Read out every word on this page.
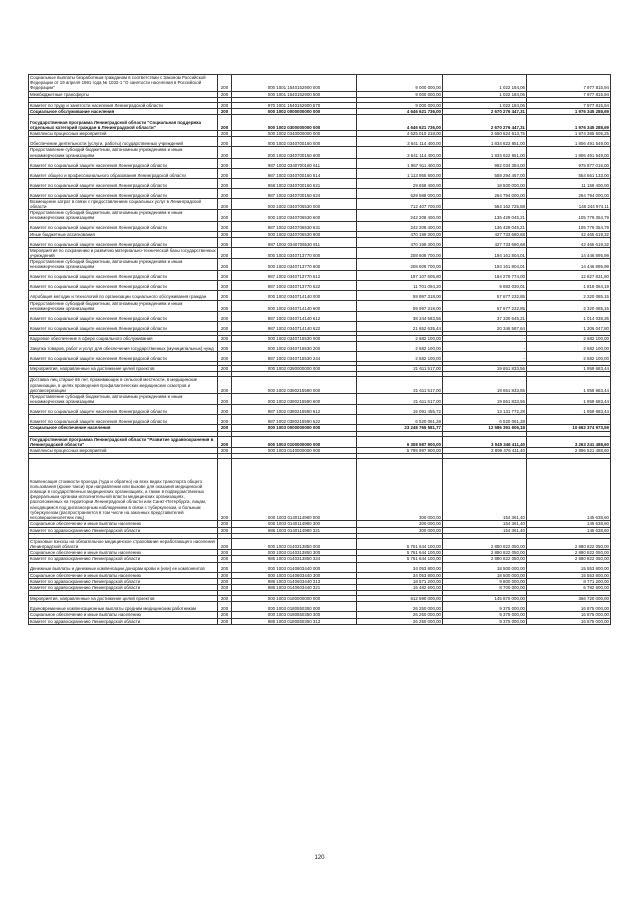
Социальные выплаты безработным гражданам в соответствии с Законом Российской Федерации от 19 апреля 1991 года № 1032-1 "О занятости населения в Российской Федерации"	200	000 1001 1540152900 000	9 000 000,00	1 022 184,06	7 977 815,94
Межбюджетные трансферты	200	000 1001 1540152900 500	9 000 000,00	1 022 184,06	7 977 815,94

Комитет по труду и занятости населения Ленинградской области	200	970 1001 1540152900 570	9 000 000,00	1 022 184,06	7 977 815,94
Социальное обслуживание населения	200	000 1002 0000000000 000	4 646 621 736,00	2 670 276 447,31	1 976 345 288,69
Государственная программа Ленинградской области "Социальная поддержка отдельных категорий граждан в Ленинградской области"	200	000 1002 0300000000 000	4 646 621 736,00	2 670 276 447,31	1 976 345 288,69
Комплексы процессных мероприятий	200	000 1002 0340000000 000	4 625 010 218,00	2 650 624 613,75	1 974 385 605,25
Обеспечение деятельности (услуги, работы) государственных учреждений	200	000 1002 0340700160 000	3 641 114 400,00	1 834 622 851,00	1 806 491 549,00
Предоставление субсидий бюджетным, автономным учреждениям и иным некоммерческим организациям	200	000 1002 0340700160 600	3 641 114 400,00	1 834 622 851,00	1 806 491 549,00
Комитет по социальной защите населения Ленинградской области	200	987 1002 0340700160 611	1 967 911 400,00	992 034 384,00	975 877 016,00
Комитет общего и профессионального образования Ленинградской области	200	987 1002 0340700160 614	1 113 955 600,00	559 294 467,00	554 661 133,00
Комитет по социальной защите населения Ленинградской области	200	968 1002 0340700160 621	29 658 400,00	18 500 000,00	11 159 400,00
Комитет по социальной защите населения Ленинградской области	200	987 1002 0340700160 624	529 588 000,00	264 794 000,00	264 794 000,00
Возмещение затрат в связи с предоставлением социальных услуг в Ленинградской области	200	000 1002 0340706530 000	712 407 700,00	564 162 725,88	148 244 974,11
Предоставление субсидий бюджетным, автономным учреждениям и иным некоммерческим организациям	200	000 1002 0340706530 600	242 208 400,00	136 429 045,21	105 779 354,79
Комитет по социальной защите населения Ленинградской области	200	987 1002 0340706530 631	242 208 400,00	136 429 045,21	105 779 354,79
Иные бюджетные ассигнования	200	000 1002 0340706530 800	470 199 300,00	427 733 680,68	42 465 619,32
Комитет по социальной защите населения Ленинградской области	200	987 1002 0340706530 811	470 199 300,00	427 733 680,68	42 465 619,32
Мероприятия по сохранению и развитию материально-технической базы государственных учреждений	200	000 1002 0340713770 000	208 608 700,00	194 161 804,01	14 446 895,99
Предоставление субсидий бюджетным, автономным учреждениям и иным некоммерческим организациям	200	000 1002 0340713770 600	208 608 700,00	194 161 804,01	14 446 895,99
Комитет по социальной защите населения Ленинградской области	200	987 1002 0340713770 612	197 107 605,80	184 279 774,00	12 827 831,80
Комитет по социальной защите населения Ленинградской области	200	987 1002 0340713770 622	11 701 094,20	9 882 030,01	1 819 064,19
Апробация методик и технологий по организации социального обслуживания граждан	200	000 1002 0340714140 000	59 997 318,00	57 677 232,85	2 320 085,15
Предоставление субсидий бюджетным, автономным учреждениям и иным некоммерческим организациям	200	000 1002 0340714140 600	59 997 318,00	57 677 232,85	2 320 085,15
Комитет по социальной защите населения Ленинградской области	200	987 1002 0340714140 612	38 344 683,56	37 330 645,21	1 014 038,35
Комитет по социальной защите населения Ленинградской области	200	987 1002 0340714140 622	21 652 635,44	20 346 587,64	1 306 047,80

Кадровое обеспечение в сфере социального обслуживания	200	000 1002 0340715530 000	2 682 100,00	-	2 682 100,00
Закупка товаров, работ и услуг для обеспечения государственных (муниципальных) нужд	200	000 1002 0340715530 200	2 682 100,00	-	2 682 100,00
Комитет по социальной защите населения Ленинградской области	200	987 1002 0340715530 244	2 682 100,00	-	2 682 100,00

Мероприятия, направленные на достижение целей проектов	200	000 1002 0380000000 000	21 611 517,00	19 651 833,56	1 959 683,44

Доставка лиц старше 65 лет, проживающих в сельской местности, в медицинские организации, в целях проведения профилактических медицинских осмотров и диспансеризации	200	000 1002 0380215590 000	21 611 517,00	19 651 833,56	1 959 683,44
Предоставление субсидий бюджетным, автономным учреждениям и иным некоммерческим организациям	200	000 1002 0380215590 600	21 611 517,00	19 651 833,56	1 959 683,44
Комитет по социальной защите населения Ленинградской области	200	987 1002 0380215590 612	15 091 455,72	13 131 772,28	1 959 683,44
Комитет по социальной защите населения Ленинградской области	200	987 1002 0380215590 622	6 520 061,28	6 520 061,28	-
Социальное обеспечение населения	200	000 1003 0000000000 000	23 248 765 581,77	12 586 391 606,18	10 662 374 973,59

Государственная программа Ленинградской области "Развитие здравоохранения в Ленинградской области"	200	000 1003 0100000000 000	6 308 587 900,00	3 045 346 411,40	3 263 241 488,60
Комплексы процессных мероприятий	200	000 1003 0140000000 000	5 795 997 900,00	2 899 476 411,40	2 896 521 488,60

Компенсация стоимости проезда (туда и обратно) на всех видах транспорта общего пользования (кроме такси) при направлении или вызове для оказания медицинской помощи в государственных медицинских организациях, а также в подведомственных федеральным органам исполнительной власти медицинских организациях, расположенных на территории Ленинградской области или Санкт-Петербурга, лицам, находящимся под диспансерным наблюдением в связи с туберкулезом, и больным туберкулезом (распространяется в том числе на законных представителей несовершеннолетних лиц)	200	000 1003 0140114980 000	300 000,00	154 361,40	145 638,60
Социальное обеспечение и иные выплаты населению	200	000 1003 0140114980 300	300 000,00	154 361,40	145 638,60
Комитет по здравоохранению Ленинградской области	200	986 1003 0140114980 321	300 000,00	154 361,40	145 638,60

Страховые взносы на обязательное медицинское страхование неработающего населения Ленинградской области	200	000 1003 0140313850 000	5 761 644 100,00	2 880 822 050,00	2 880 822 050,00
Социальное обеспечение и иные выплаты населению	200	000 1003 0140313850 300	5 761 644 100,00	2 880 822 050,00	2 880 822 050,00
Комитет по здравоохранению Ленинградской области	200	986 1003 0140313850 324	5 761 644 100,00	2 880 822 050,00	2 880 822 050,00
Денежные выплаты и денежные компенсации донорам крови и (или) ее компонентов	200	000 1003 0140603440 000	34 053 800,00	18 500 000,00	15 553 800,00
Социальное обеспечение и иные выплаты населению	200	000 1003 0140603440 300	34 053 800,00	18 500 000,00	15 553 800,00
Комитет по здравоохранению Ленинградской области	200	986 1003 0140603440 313	18 571 200,00	9 800 000,00	8 771 200,00
Комитет по здравоохранению Ленинградской области	200	986 1003 0140603440 321	15 482 600,00	8 700 000,00	6 782 600,00

Мероприятия, направленные на достижение целей проектов	200	000 1003 0180000000 000	512 590 000,00	145 870 000,00	366 720 000,00
Единовременные компенсационные выплаты средним медицинским работникам	200	000 1003 0180550350 000	26 250 000,00	9 375 000,00	16 875 000,00
Социальное обеспечение и иные выплаты населению	200	000 1003 0180550350 300	26 250 000,00	9 375 000,00	16 875 000,00
Комитет по здравоохранению Ленинградской области	200	986 1003 0180550350 313	26 250 000,00	9 375 000,00	16 875 000,00
120
